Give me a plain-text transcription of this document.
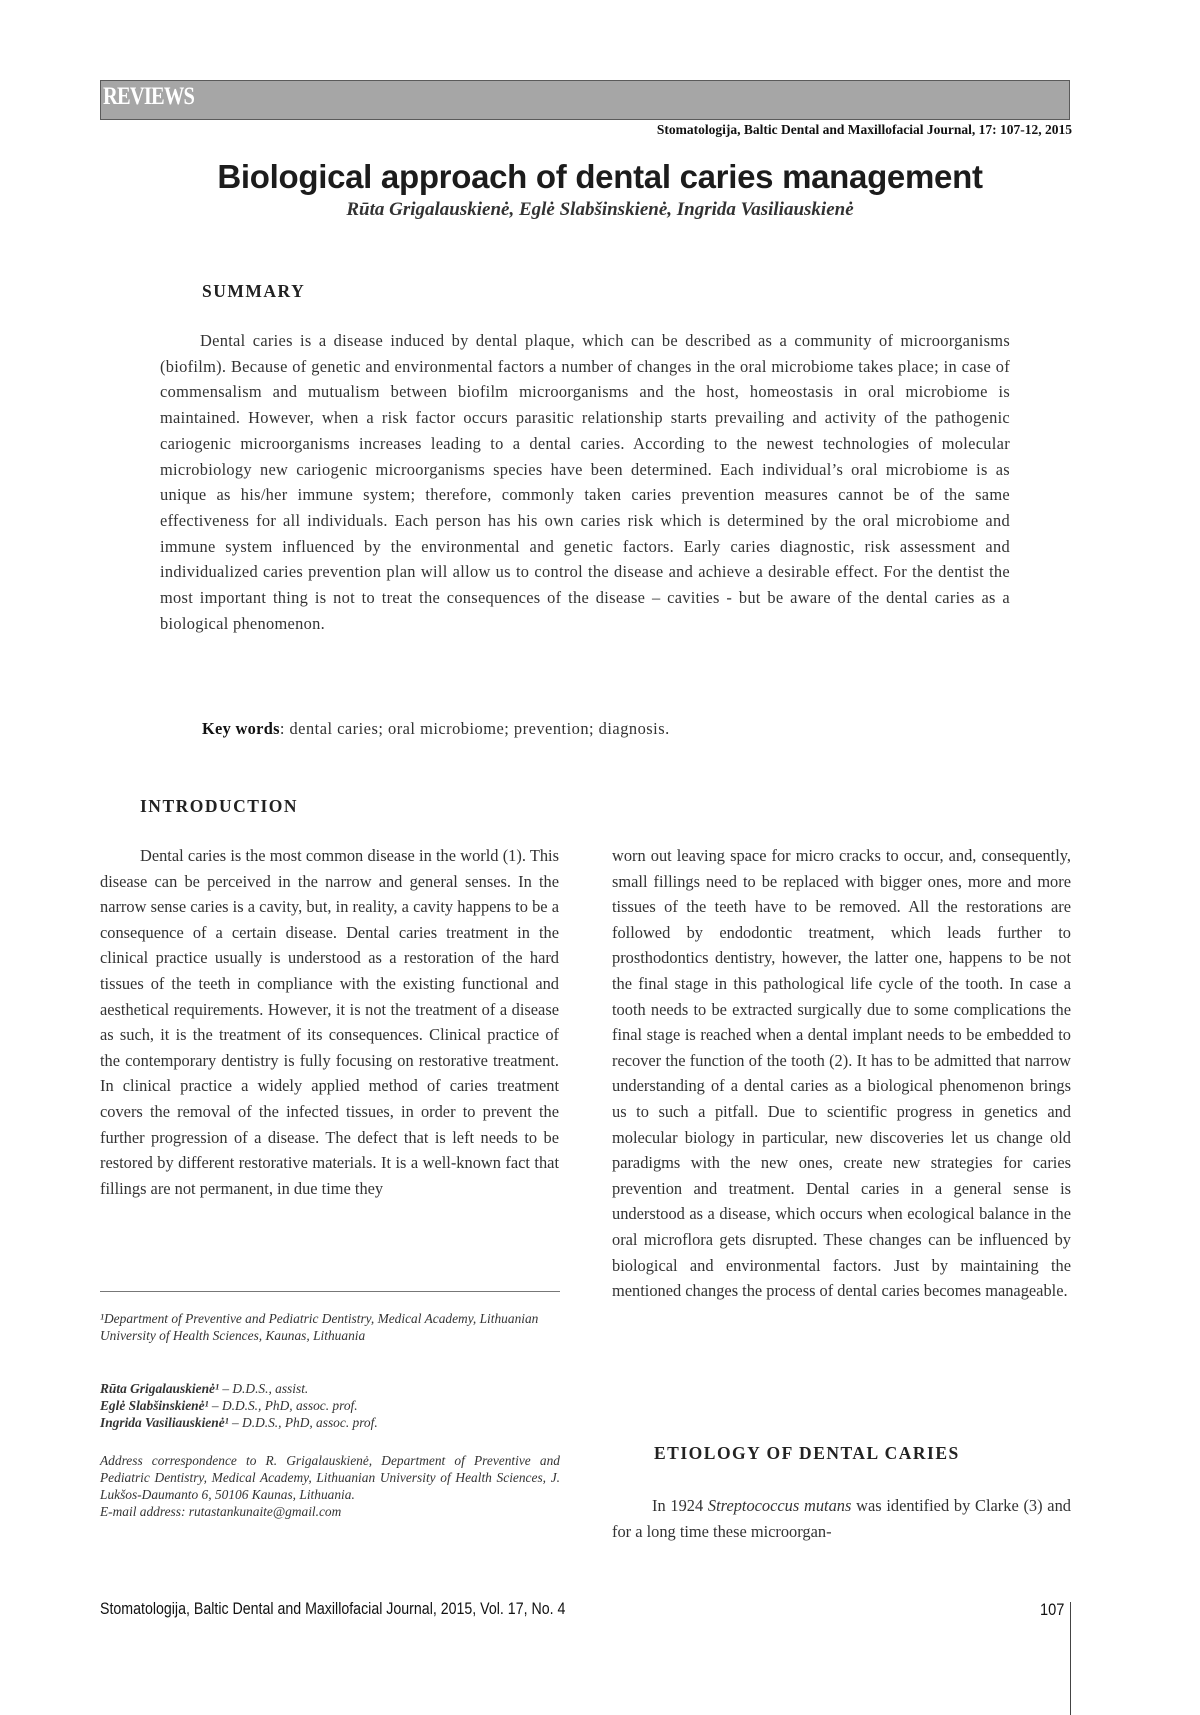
REVIEWS
Stomatologija, Baltic Dental and Maxillofacial Journal, 17: 107-12, 2015
Biological approach of dental caries management
Rūta Grigalauskienė, Eglė Slabšinskienė, Ingrida Vasiliauskienė
SUMMARY
Dental caries is a disease induced by dental plaque, which can be described as a community of microorganisms (biofilm). Because of genetic and environmental factors a number of changes in the oral microbiome takes place; in case of commensalism and mutualism between biofilm microorganisms and the host, homeostasis in oral microbiome is maintained. However, when a risk factor occurs parasitic relationship starts prevailing and activity of the pathogenic cariogenic microorganisms increases leading to a dental caries. According to the newest technologies of molecular microbiology new cariogenic microorganisms species have been determined. Each individual’s oral microbiome is as unique as his/her immune system; therefore, commonly taken caries prevention measures cannot be of the same effectiveness for all individuals. Each person has his own caries risk which is determined by the oral microbiome and immune system influenced by the environmental and genetic factors. Early caries diagnostic, risk assessment and individualized caries prevention plan will allow us to control the disease and achieve a desirable effect. For the dentist the most important thing is not to treat the consequences of the disease – cavities - but be aware of the dental caries as a biological phenomenon.
Key words: dental caries; oral microbiome; prevention; diagnosis.
INTRODUCTION
Dental caries is the most common disease in the world (1). This disease can be perceived in the narrow and general senses. In the narrow sense caries is a cavity, but, in reality, a cavity happens to be a consequence of a certain disease. Dental caries treatment in the clinical practice usually is understood as a restoration of the hard tissues of the teeth in compliance with the existing functional and aesthetical requirements. However, it is not the treatment of a disease as such, it is the treatment of its consequences. Clinical practice of the contemporary dentistry is fully focusing on restorative treatment. In clinical practice a widely applied method of caries treatment covers the removal of the infected tissues, in order to prevent the further progression of a disease. The defect that is left needs to be restored by different restorative materials. It is a well-known fact that fillings are not permanent, in due time they
worn out leaving space for micro cracks to occur, and, consequently, small fillings need to be replaced with bigger ones, more and more tissues of the teeth have to be removed. All the restorations are followed by endodontic treatment, which leads further to prosthodontics dentistry, however, the latter one, happens to be not the final stage in this pathological life cycle of the tooth. In case a tooth needs to be extracted surgically due to some complications the final stage is reached when a dental implant needs to be embedded to recover the function of the tooth (2). It has to be admitted that narrow understanding of a dental caries as a biological phenomenon brings us to such a pitfall. Due to scientific progress in genetics and molecular biology in particular, new discoveries let us change old paradigms with the new ones, create new strategies for caries prevention and treatment. Dental caries in a general sense is understood as a disease, which occurs when ecological balance in the oral microflora gets disrupted. These changes can be influenced by biological and environmental factors. Just by maintaining the mentioned changes the process of dental caries becomes manageable.
¹Department of Preventive and Pediatric Dentistry, Medical Academy, Lithuanian University of Health Sciences, Kaunas, Lithuania
Rūta Grigalauskienė¹ – D.D.S., assist.
Eglė Slabšinskienė¹ – D.D.S., PhD, assoc. prof.
Ingrida Vasiliauskienė¹ – D.D.S., PhD, assoc. prof.
Address correspondence to R. Grigalauskienė, Department of Preventive and Pediatric Dentistry, Medical Academy, Lithuanian University of Health Sciences, J. Lukšos-Daumanto 6, 50106 Kaunas, Lithuania.
E-mail address: rutastankunaite@gmail.com
ETIOLOGY OF DENTAL CARIES
In 1924 Streptococcus mutans was identified by Clarke (3) and for a long time these microorgan-
Stomatologija, Baltic Dental and Maxillofacial Journal, 2015, Vol. 17, No. 4	107
